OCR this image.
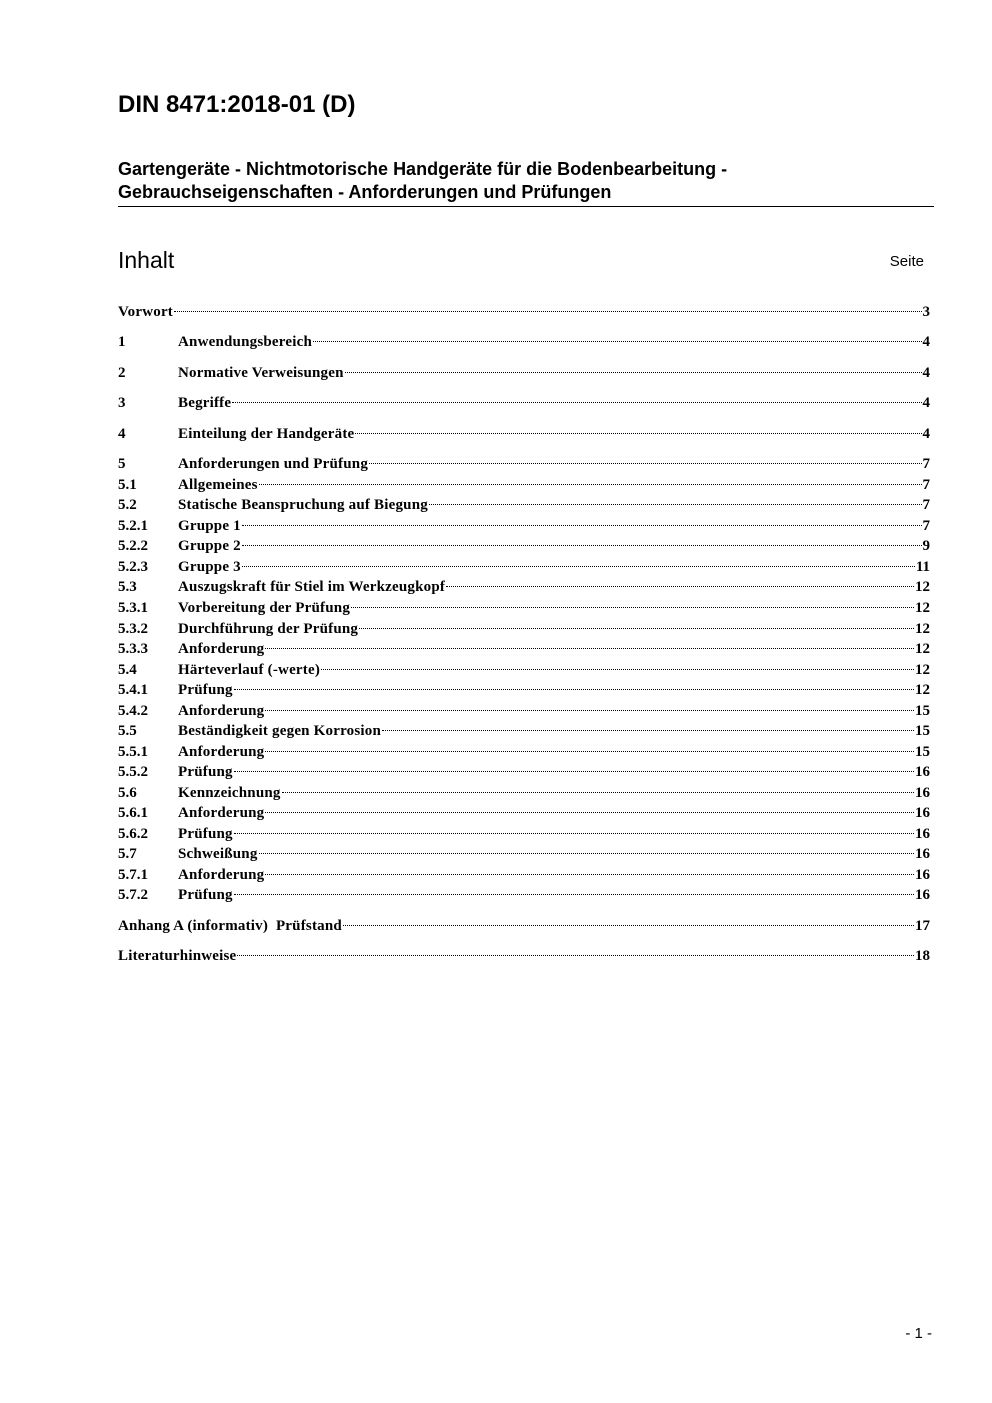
DIN 8471:2018-01 (D)
Gartengeräte - Nichtmotorische Handgeräte für die Bodenbearbeitung -
Gebrauchseigenschaften - Anforderungen und Prüfungen
Inhalt	Seite
Vorwort	3
1	Anwendungsbereich	4
2	Normative Verweisungen	4
3	Begriffe	4
4	Einteilung der Handgeräte	4
5	Anforderungen und Prüfung	7
5.1	Allgemeines	7
5.2	Statische Beanspruchung auf Biegung	7
5.2.1	Gruppe 1	7
5.2.2	Gruppe 2	9
5.2.3	Gruppe 3	11
5.3	Auszugskraft für Stiel im Werkzeugkopf	12
5.3.1	Vorbereitung der Prüfung	12
5.3.2	Durchführung der Prüfung	12
5.3.3	Anforderung	12
5.4	Härteverlauf (-werte)	12
5.4.1	Prüfung	12
5.4.2	Anforderung	15
5.5	Beständigkeit gegen Korrosion	15
5.5.1	Anforderung	15
5.5.2	Prüfung	16
5.6	Kennzeichnung	16
5.6.1	Anforderung	16
5.6.2	Prüfung	16
5.7	Schweißung	16
5.7.1	Anforderung	16
5.7.2	Prüfung	16
Anhang A (informativ)  Prüfstand	17
Literaturhinweise	18
- 1 -
